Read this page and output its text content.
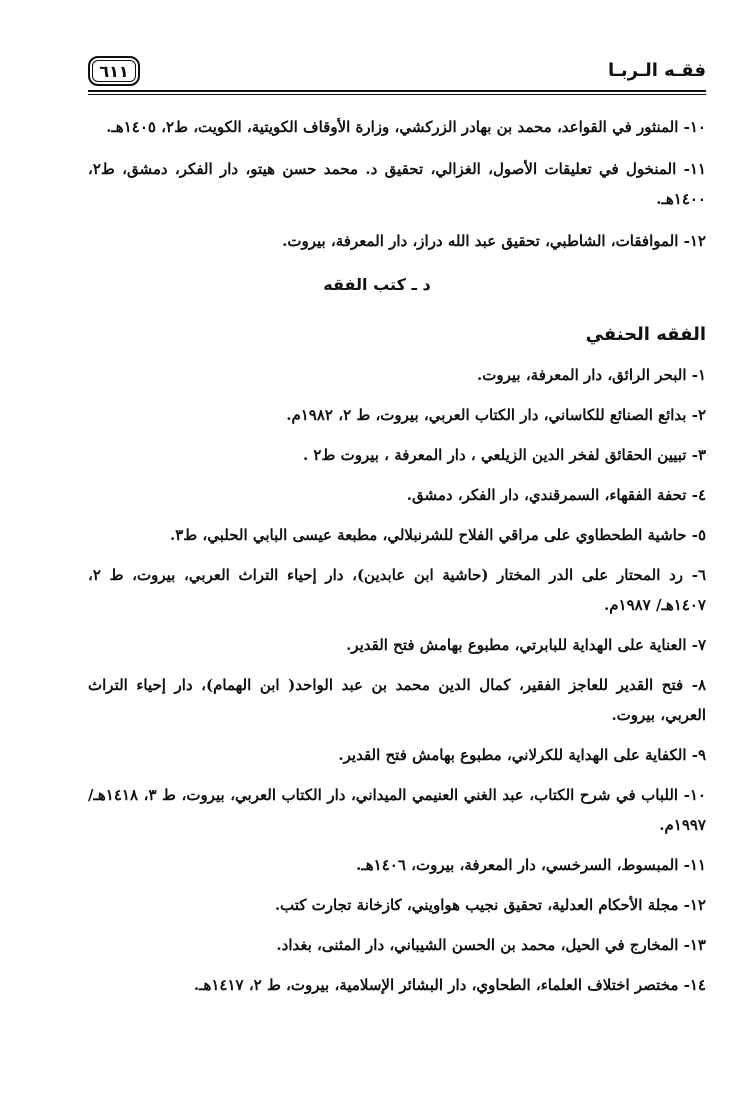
فقـه الـربـا
٦١١

١٠- المنثور في القواعد، محمد بن بهادر الزركشي، وزارة الأوقاف الكويتية، الكويت، ط٢، ١٤٠٥هـ.

١١- المنخول في تعليقات الأصول، الغزالي، تحقيق د. محمد حسن هيتو، دار الفكر، دمشق، ط٢، ١٤٠٠هـ.

١٢- الموافقات، الشاطبي، تحقيق عبد الله دراز، دار المعرفة، بيروت.

د ـ كتب الفقه
الفقه الحنفي

١- البحر الرائق، دار المعرفة، بيروت.

٢- بدائع الصنائع للكاساني، دار الكتاب العربي، بيروت، ط ٢، ١٩٨٢م.

٣- تبيين الحقائق لفخر الدين الزيلعي ، دار المعرفة ، بيروت ط٢ .

٤- تحفة الفقهاء، السمرقندي، دار الفكر، دمشق.

٥- حاشية الطحطاوي على مراقي الفلاح للشرنبلالي، مطبعة عيسى البابي الحلبي، ط٣.

٦- رد المحتار على الدر المختار (حاشية ابن عابدين)، دار إحياء التراث العربي، بيروت، ط ٢، ١٤٠٧هـ/ ١٩٨٧م.

٧- العناية على الهداية للبابرتي، مطبوع بهامش فتح القدير.

٨- فتح القدير للعاجز الفقير، كمال الدين محمد بن عبد الواحد( ابن الهمام)، دار إحياء التراث العربي، بيروت.

٩- الكفاية على الهداية للكرلاني، مطبوع بهامش فتح القدير.

١٠- اللباب في شرح الكتاب، عبد الغني العنيمي الميداني، دار الكتاب العربي، بيروت، ط ٣، ١٤١٨هـ/ ١٩٩٧م.

١١- المبسوط، السرخسي، دار المعرفة، بيروت، ١٤٠٦هـ.

١٢- مجلة الأحكام العدلية، تحقيق نجيب هواويني، كازخانة تجارت كتب.

١٣- المخارج في الحيل، محمد بن الحسن الشيباني، دار المثنى، بغداد.

١٤- مختصر اختلاف العلماء، الطحاوي، دار البشائر الإسلامية، بيروت، ط ٢، ١٤١٧هـ.
